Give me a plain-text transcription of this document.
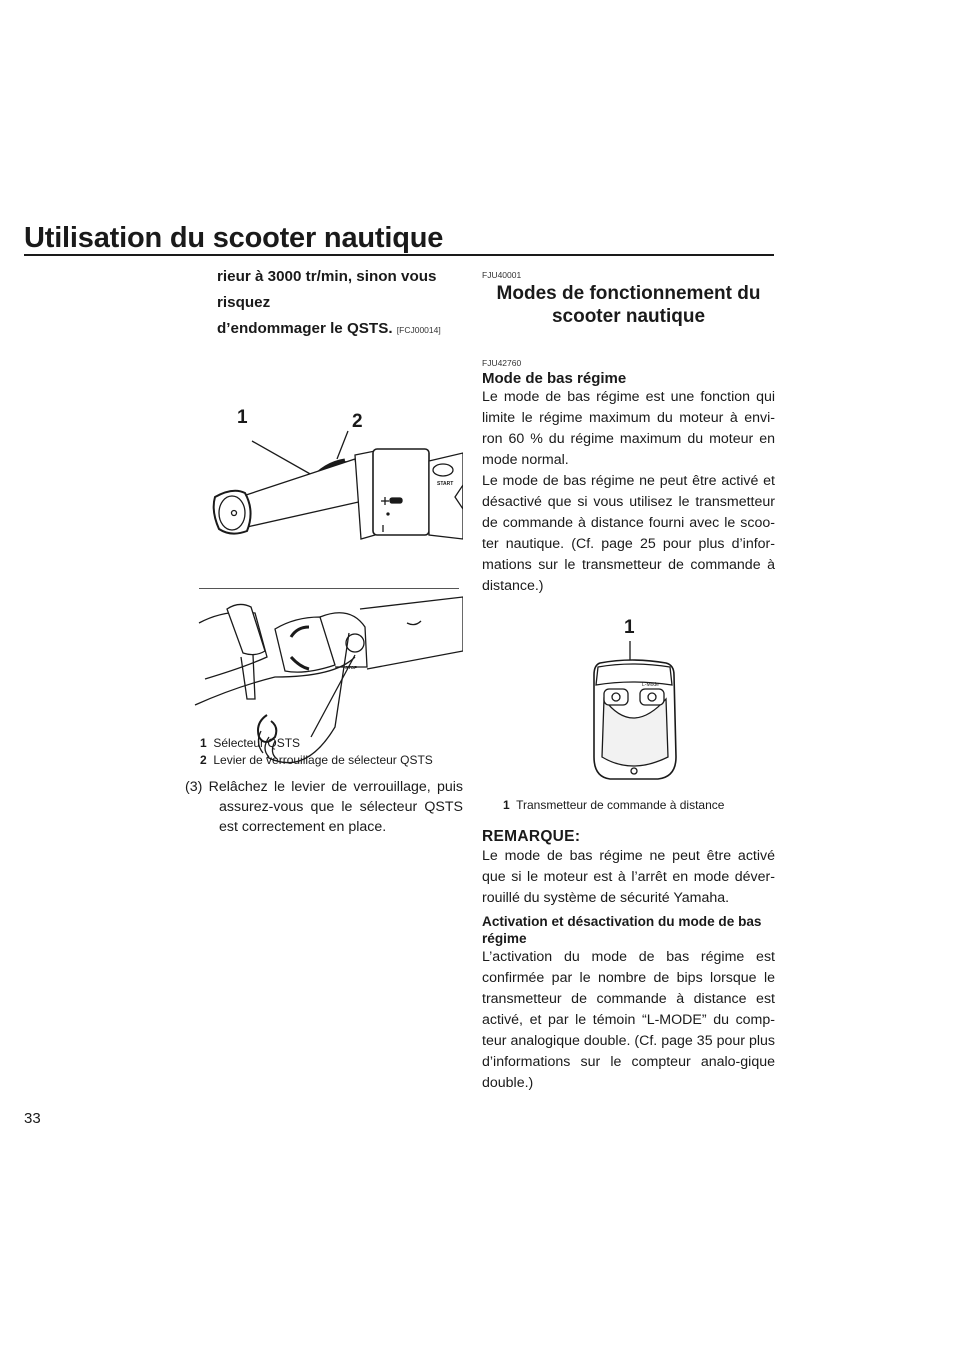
Utilisation du scooter nautique
rieur à 3000 tr/min, sinon vous risquez
d’endommager le QSTS. [FCJ00014]
1	2
START
STOP
1 Sélecteur QSTS
2 Levier de verrouillage de sélecteur QSTS
(3) Relâchez le levier de verrouillage, puis assurez-vous que le sélecteur QSTS est correctement en place.
FJU40001
Modes de fonctionnement du
scooter nautique
FJU42760
Mode de bas régime
Le mode de bas régime est une fonction qui limite le régime maximum du moteur à envi-ron 60 % du régime maximum du moteur en mode normal.
Le mode de bas régime ne peut être activé et désactivé que si vous utilisez le transmetteur de commande à distance fourni avec le scoo-ter nautique. (Cf. page 25 pour plus d’infor-mations sur le transmetteur de commande à distance.)
1
L-Mode
1 Transmetteur de commande à distance
REMARQUE:
Le mode de bas régime ne peut être activé que si le moteur est à l’arrêt en mode déver-rouillé du système de sécurité Yamaha.
Activation et désactivation du mode de bas régime
L’activation du mode de bas régime est confirmée par le nombre de bips lorsque le transmetteur de commande à distance est activé, et par le témoin “L-MODE” du comp-teur analogique double. (Cf. page 35 pour plus d’informations sur le compteur analo-gique double.)
33
